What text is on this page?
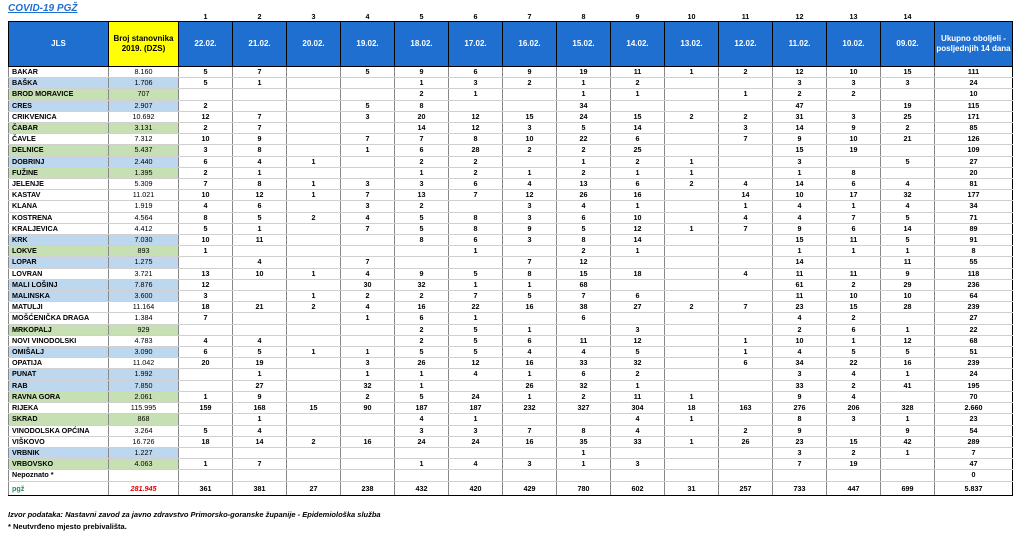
COVID-19 PGŽ
		1	2	3	4	5	6	7	8	9	10	11	12	13	14	
JLS	Broj stanovnika 2019. (DZS)	22.02.	21.02.	20.02.	19.02.	18.02.	17.02.	16.02.	15.02.	14.02.	13.02.	12.02.	11.02.	10.02.	09.02.	Ukupno oboljeli - posljednjih 14 dana
BAKAR	8.160	5	7		5	9	6	9	19	11	1	2	12	10	15	111
BAŠKA	1.706	5	1			1	3	2	1	2			3	3	3	24
BROD MORAVICE	707					2	1		1	1		1	2	2		10
CRES	2.907	2			5	8			34				47		19	115
CRIKVENICA	10.692	12	7		3	20	12	15	24	15	2	2	31	3	25	171
ČABAR	3.131	2	7			14	12	3	5	14		3	14	9	2	85
ČAVLE	7.312	10	9		7	7	8	10	22	6		7	9	10	21	126
DELNICE	5.437	3	8		1	6	28	2	2	25			15	19		109
DOBRINJ	2.440	6	4	1		2	2		1	2	1		3		5	27
FUŽINE	1.395	2	1			1	2	1	2	1	1		1	8		20
JELENJE	5.309	7	8	1	3	3	6	4	13	6	2	4	14	6	4	81
KASTAV	11.021	10	12	1	7	13	7	12	26	16		14	10	17	32	177
KLANA	1.919	4	6		3	2		3	4	1		1	4	1	4	34
KOSTRENA	4.564	8	5	2	4	5	8	3	6	10		4	4	7	5	71
KRALJEVICA	4.412	5	1		7	5	8	9	5	12	1	7	9	6	14	89
KRK	7.030	10	11			8	6	3	8	14			15	11	5	91
LOKVE	893	1					1		2	1			1	1	1	8
LOPAR	1.275		4		7			7	12				14		11	55
LOVRAN	3.721	13	10	1	4	9	5	8	15	18		4	11	11	9	118
MALI LOŠINJ	7.876	12			30	32	1	1	68				61	2	29	236
MALINSKA	3.600	3		1	2	2	7	5	7	6			11	10	10	64
MATULJI	11.164	18	21	2	4	16	22	16	38	27	2	7	23	15	28	239
MOŠĆENIČKA DRAGA	1.384	7			1	6	1		6				4	2		27
MRKOPALJ	929					2	5	1		3			2	6	1	22
NOVI VINODOLSKI	4.783	4	4			2	5	6	11	12		1	10	1	12	68
OMIŠALJ	3.090	6	5	1	1	5	5	4	4	5		1	4	5	5	51
OPATIJA	11.042	20	19		3	26	12	16	33	32		6	34	22	16	239
PUNAT	1.992		1		1	1	4	1	6	2			3	4	1	24
RAB	7.850		27		32	1		26	32	1			33	2	41	195
RAVNA GORA	2.061	1	9		2	5	24	1	2	11	1		9	4		70
RIJEKA	115.995	159	168	15	90	187	187	232	327	304	18	163	276	206	328	2.660
SKRAD	868		1			4	1			4	1		8	3	1	23
VINODOLSKA OPĆINA	3.264	5	4			3	3	7	8	4		2	9		9	54
VIŠKOVO	16.726	18	14	2	16	24	24	16	35	33	1	26	23	15	42	289
VRBNIK	1.227								1				3	2	1	7
VRBOVSKO	4.063	1	7			1	4	3	1	3			7	19		47
Nepoznato *																0
pgž	281.945	361	381	27	238	432	420	429	780	602	31	257	733	447	699	5.837
Izvor podataka: Nastavni zavod za javno zdravstvo Primorsko-goranske županije - Epidemiološka služba
* Neutvrđeno mjesto prebivališta.
